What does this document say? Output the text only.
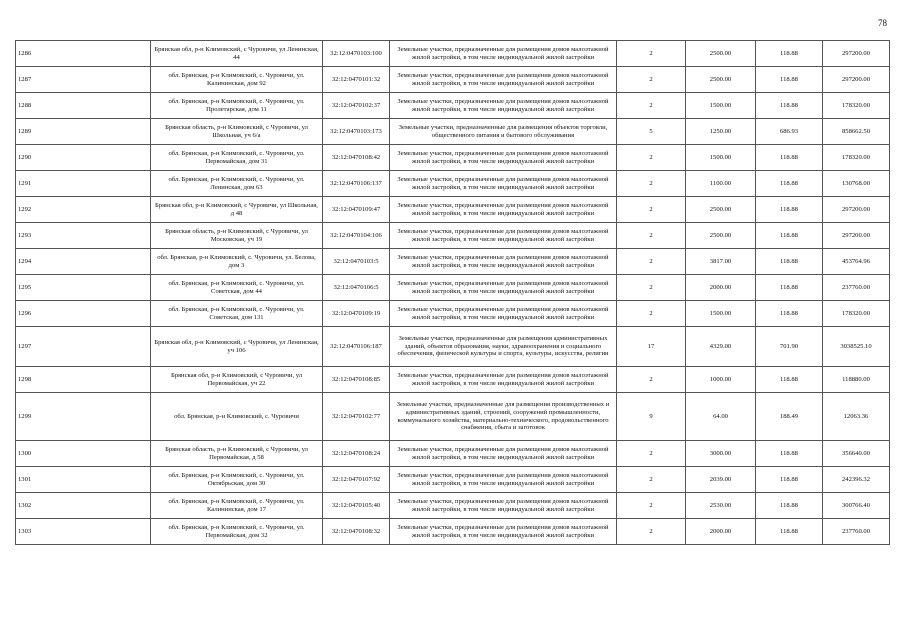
78
1286	Брянская обл, р-н Климовский, с Чуровичи, ул Ленинская, 44	32:12:0470103:100	Земельные участки, предназначенные для размещения домов малоэтажной жилой застройки, в том числе индивидуальной жилой застройки	2	2500.00	118.88	297200.00
1287	обл. Брянская, р-н Климовский, с. Чуровичи, ул. Калининская, дом 92	32:12:0470101:32	Земельные участки, предназначенные для размещения домов малоэтажной жилой застройки, в том числе индивидуальной жилой застройки	2	2500.00	118.88	297200.00
1288	обл. Брянская, р-н Климовский, с. Чуровичи, ул. Пролетарская, дом 11	32:12:0470102:37	Земельные участки, предназначенные для размещения домов малоэтажной жилой застройки, в том числе индивидуальной жилой застройки	2	1500.00	118.88	178320.00
1289	Брянская область, р-н Климовский, с Чуровичи, ул Школьная, уч 6/а	32:12:0470103:173	Земельные участки, предназначенные для размещения объектов торговли, общественного питания и бытового обслуживания	5	1250.00	686.93	858662.50
1290	обл. Брянская, р-н Климовский, с. Чуровичи, ул. Первомайская, дом 31	32:12:0470108:42	Земельные участки, предназначенные для размещения домов малоэтажной жилой застройки, в том числе индивидуальной жилой застройки	2	1500.00	118.88	178320.00
1291	обл. Брянская, р-н Климовский, с. Чуровичи, ул. Ленинская, дом 63	32:12:0470106:137	Земельные участки, предназначенные для размещения домов малоэтажной жилой застройки, в том числе индивидуальной жилой застройки	2	1100.00	118.88	130768.00
1292	Брянская обл, р-н Климовский, с Чуровичи, ул Школьная, д 48	32:12:0470109:47	Земельные участки, предназначенные для размещения домов малоэтажной жилой застройки, в том числе индивидуальной жилой застройки	2	2500.00	118.88	297200.00
1293	Брянская область, р-н Климовский, с Чуровичи, ул Московская, уч 19	32:12:0470104:106	Земельные участки, предназначенные для размещения домов малоэтажной жилой застройки, в том числе индивидуальной жилой застройки	2	2500.00	118.88	297200.00
1294	обл. Брянская, р-н Климовский, с. Чуровичи, ул. Белова, дом 3	32:12:0470103:5	Земельные участки, предназначенные для размещения домов малоэтажной жилой застройки, в том числе индивидуальной жилой застройки	2	3817.00	118.88	453764.96
1295	обл. Брянская, р-н Климовский, с. Чуровичи, ул. Советская, дом 44	32:12:0470106:5	Земельные участки, предназначенные для размещения домов малоэтажной жилой застройки, в том числе индивидуальной жилой застройки	2	2000.00	118.88	237760.00
1296	обл. Брянская, р-н Климовский, с. Чуровичи, ул. Советская, дом 131	32:12:0470109:19	Земельные участки, предназначенные для размещения домов малоэтажной жилой застройки, в том числе индивидуальной жилой застройки	2	1500.00	118.88	178320.00
1297	Брянская обл, р-н Климовский, с Чуровичи, ул Ленинская, уч 106	32:12:0470106:187	Земельные участки, предназначенные для размещения административных зданий, объектов образования, науки, здравоохранения и социального обеспечения, физической культуры и спорта, культуры, искусства, религии	17	4329.00	701.90	3038525.10
1298	Брянская обл, р-н Климовский, с Чуровичи, ул Первомайская, уч 22	32:12:0470108:85	Земельные участки, предназначенные для размещения домов малоэтажной жилой застройки, в том числе индивидуальной жилой застройки	2	1000.00	118.88	118880.00
1299	обл. Брянская, р-н Климовский, с. Чуровичи	32:12:0470102:77	Земельные участки, предназначенные для размещения производственных и административных зданий, строений, сооружений промышленности, коммунального хозяйства, материально-технического, продовольственного снабжения, сбыта и заготовок	9	64.00	188.49	12063.36
1300	Брянская область, р-н Климовский, с Чуровичи, ул Первомайская, д 58	32:12:0470108:24	Земельные участки, предназначенные для размещения домов малоэтажной жилой застройки, в том числе индивидуальной жилой застройки	2	3000.00	118.88	356640.00
1301	обл. Брянская, р-н Климовский, с. Чуровичи, ул. Октябрьская, дом 30	32:12:0470107:92	Земельные участки, предназначенные для размещения домов малоэтажной жилой застройки, в том числе индивидуальной жилой застройки	2	2039.00	118.88	242396.32
1302	обл. Брянская, р-н Климовский, с. Чуровичи, ул. Калининская, дом 17	32:12:0470105:40	Земельные участки, предназначенные для размещения домов малоэтажной жилой застройки, в том числе индивидуальной жилой застройки	2	2530.00	118.88	300766.40
1303	обл. Брянская, р-н Климовский, с. Чуровичи, ул. Первомайская, дом 32	32:12:0470108:32	Земельные участки, предназначенные для размещения домов малоэтажной жилой застройки, в том числе индивидуальной жилой застройки	2	2000.00	118.88	237760.00
